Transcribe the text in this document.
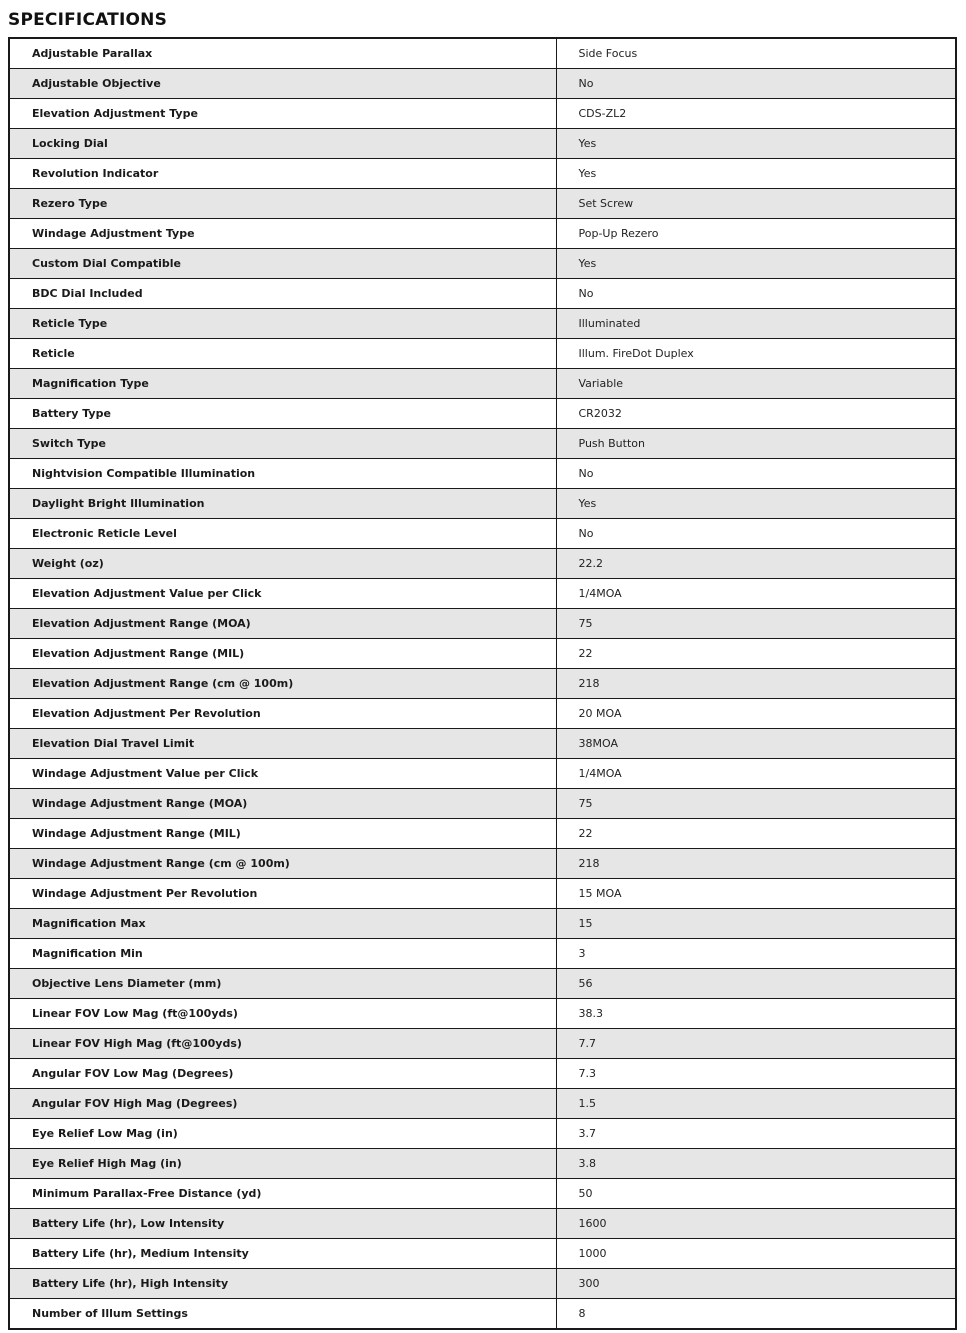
SPECIFICATIONS
Adjustable Parallax	Side Focus
Adjustable Objective	No
Elevation Adjustment Type	CDS-ZL2
Locking Dial	Yes
Revolution Indicator	Yes
Rezero Type	Set Screw
Windage Adjustment Type	Pop-Up Rezero
Custom Dial Compatible	Yes
BDC Dial Included	No
Reticle Type	Illuminated
Reticle	Illum. FireDot Duplex
Magnification Type	Variable
Battery Type	CR2032
Switch Type	Push Button
Nightvision Compatible Illumination	No
Daylight Bright Illumination	Yes
Electronic Reticle Level	No
Weight (oz)	22.2
Elevation Adjustment Value per Click	1/4MOA
Elevation Adjustment Range (MOA)	75
Elevation Adjustment Range (MIL)	22
Elevation Adjustment Range (cm @ 100m)	218
Elevation Adjustment Per Revolution	20 MOA
Elevation Dial Travel Limit	38MOA
Windage Adjustment Value per Click	1/4MOA
Windage Adjustment Range (MOA)	75
Windage Adjustment Range (MIL)	22
Windage Adjustment Range (cm @ 100m)	218
Windage Adjustment Per Revolution	15 MOA
Magnification Max	15
Magnification Min	3
Objective Lens Diameter (mm)	56
Linear FOV Low Mag (ft@100yds)	38.3
Linear FOV High Mag (ft@100yds)	7.7
Angular FOV Low Mag (Degrees)	7.3
Angular FOV High Mag (Degrees)	1.5
Eye Relief Low Mag (in)	3.7
Eye Relief High Mag (in)	3.8
Minimum Parallax-Free Distance (yd)	50
Battery Life (hr), Low Intensity	1600
Battery Life (hr), Medium Intensity	1000
Battery Life (hr), High Intensity	300
Number of Illum Settings	8
